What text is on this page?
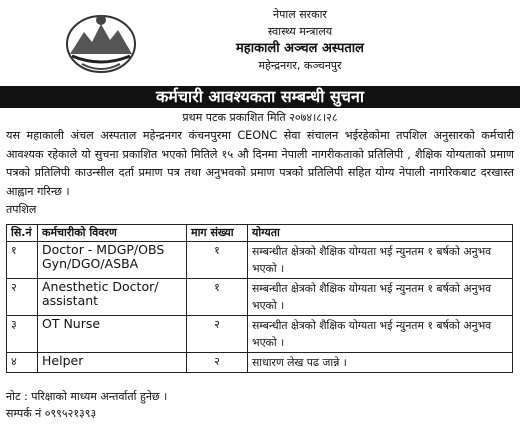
नेपाल सरकार
स्वास्थ्य मन्त्रालय
महाकाली अञ्चल अस्पताल
महेन्द्रनगर, कञ्चनपुर
कर्मचारी आवश्यकता सम्बन्धी सुचना
प्रथम पटक प्रकाशित मिति २०७४।८।२८
यस महाकाली अंचल अस्पताल महेन्द्रनगर कंचनपुरमा CEONC सेवा संचालन भईरहेकोमा तपशिल अनुसारको कर्मचारी आवश्यक रहेकाले यो सुचना प्रकाशित भएको मितिले १५ औ दिनमा नेपाली नागरीकताको प्रतिलिपी , शैक्षिक योग्यताको प्रमाण पत्रको प्रतिलिपी काउन्सील दर्ता प्रमाण पत्र तथा अनुभवको प्रमाण पत्रको प्रतिलिपी सहित योग्य नेपाली नागरिकबाट दरखास्त आह्वान गरिन्छ ।
तपशिल
सि.नं	कर्मचारीको विवरण	माग संख्या	योग्यता
१	Doctor - MDGP/OBS Gyn/DGO/ASBA	१	सम्बन्धीत क्षेत्रको शैक्षिक योग्यता भई न्युनतम १ बर्षको अनुभव भएको ।
२	Anesthetic Doctor/ assistant	१	सम्बन्धीत क्षेत्रको शैक्षिक योग्यता भई न्युनतम १ बर्षको अनुभव भएको ।
३	OT Nurse	२	सम्बन्धीत क्षेत्रको शैक्षिक योग्यता भई न्युनतम १ बर्षको अनुभव भएको ।
४	Helper	२	साधारण लेख पढ जान्ने ।
नोट : परिक्षाको माध्यम अन्तर्वार्ता हुनेछ ।
सम्पर्क नं ०९९५२१३९३
